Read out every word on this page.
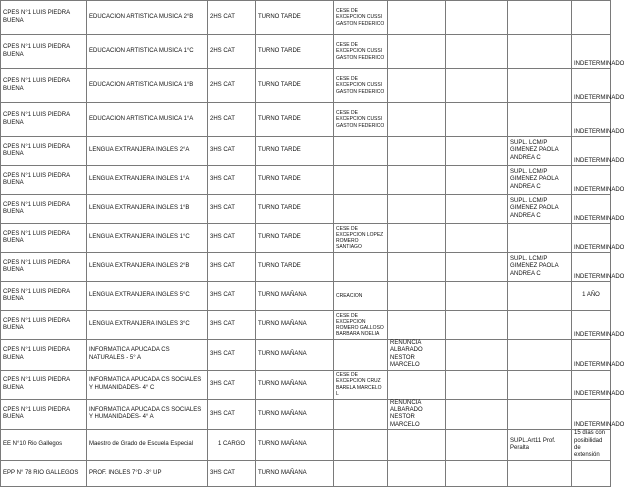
CPES N°1 LUIS PIEDRA BUENA	EDUCACION ARTISTICA MUSICA 2°B	2HS CAT	TURNO TARDE	CESE DE EXCEPCION CUSSI GASTON FEDERICO				
CPES N°1 LUIS PIEDRA BUENA	EDUCACION ARTISTICA MUSICA 1°C	2HS CAT	TURNO TARDE	CESE DE EXCEPCION CUSSI GASTON FEDERICO				INDETERMINADO
CPES N°1 LUIS PIEDRA BUENA	EDUCACION ARTISTICA MUSICA 1°B	2HS CAT	TURNO TARDE	CESE DE EXCEPCION CUSSI GASTON FEDERICO				INDETERMINADO
CPES N°1 LUIS PIEDRA BUENA	EDUCACION ARTISTICA MUSICA 1°A	2HS CAT	TURNO TARDE	CESE DE EXCEPCION CUSSI GASTON FEDERICO				INDETERMINADO
CPES N°1 LUIS PIEDRA BUENA	LENGUA EXTRANJERA INGLES 2°A	3HS CAT	TURNO TARDE				SUPL. LCM/P GIMENEZ PAOLA ANDREA C	INDETERMINADO
CPES N°1 LUIS PIEDRA BUENA	LENGUA EXTRANJERA INGLES 1°A	3HS CAT	TURNO TARDE				SUPL. LCM/P GIMENEZ PAOLA ANDREA C	INDETERMINADO
CPES N°1 LUIS PIEDRA BUENA	LENGUA EXTRANJERA INGLES 1°B	3HS CAT	TURNO TARDE				SUPL. LCM/P GIMENEZ PAOLA ANDREA C	INDETERMINADO
CPES N°1 LUIS PIEDRA BUENA	LENGUA EXTRANJERA INGLES 1°C	3HS CAT	TURNO TARDE	CESE DE EXCEPCION LOPEZ ROMERO SANTIAGO				INDETERMINADO
CPES N°1 LUIS PIEDRA BUENA	LENGUA EXTRANJERA INGLES 2°B	3HS CAT	TURNO TARDE				SUPL. LCM/P GIMENEZ PAOLA ANDREA C	INDETERMINADO
CPES N°1 LUIS PIEDRA BUENA	LENGUA EXTRANJERA INGLES 5°C	3HS CAT	TURNO MAÑANA	CREACION				1 AÑO
CPES N°1 LUIS PIEDRA BUENA	LENGUA EXTRANJERA INGLES 3°C	3HS CAT	TURNO MAÑANA	CESE DE EXCEPCION ROMERO GALLOSO BARBARA NOELIA				INDETERMINADO
CPES N°1 LUIS PIEDRA BUENA	INFORMATICA APUCADA CS NATURALES - 5° A	3HS CAT	TURNO MAÑANA		RENUNCIA ALBARADO NESTOR MARCELO			INDETERMINADO
CPES N°1 LUIS PIEDRA BUENA	INFORMATICA APUCADA CS SOCIALES Y HUMANIDADES- 4° C	3HS CAT	TURNO MAÑANA	CESE DE EXCEPCION CRUZ BARELA MARCELO L				INDETERMINADO
CPES N°1 LUIS PIEDRA BUENA	INFORMATICA APUCADA CS SOCIALES Y HUMANIDADES- 4° A	3HS CAT	TURNO MAÑANA		RENUNCIA ALBARADO NESTOR MARCELO			INDETERMINADO
EE N°10 Rio Gallegos	Maestro de Grado de Escuela Especial	1 CARGO	TURNO MAÑANA				SUPL.Art11 Prof. Peralta	15 días con posibilidad de extensión
EPP N° 78 RIO GALLEGOS	PROF. INGLES 7°D -3° UP	3HS CAT	TURNO MAÑANA					
